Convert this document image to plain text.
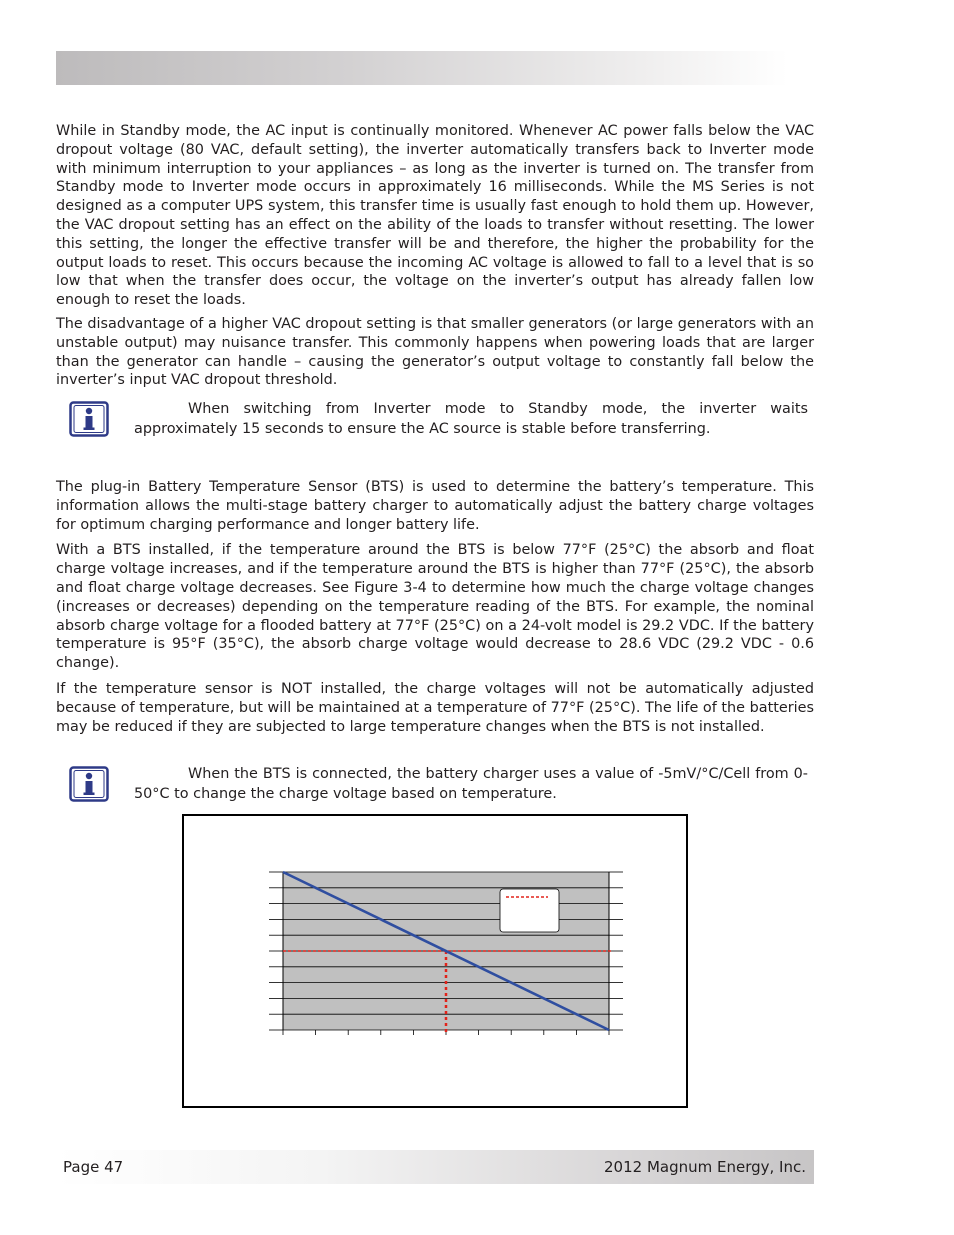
While in Standby mode, the AC input is continually monitored. Whenever AC power falls below the VAC dropout voltage (80 VAC, default setting), the inverter automatically transfers back to Inverter mode with minimum interruption to your appliances – as long as the inverter is turned on. The transfer from Standby mode to Inverter mode occurs in approximately 16 milliseconds. While the MS Series is not designed as a computer UPS system, this transfer time is usually fast enough to hold them up. However, the VAC dropout setting has an effect on the ability of the loads to transfer without resetting. The lower this setting, the longer the effective transfer will be and therefore, the higher the probability for the output loads to reset. This occurs because the incoming AC voltage is allowed to fall to a level that is so low that when the transfer does occur, the voltage on the inverter’s output has already fallen low enough to reset the loads.

The disadvantage of a higher VAC dropout setting is that smaller generators (or large generators with an unstable output) may nuisance transfer. This commonly happens when powering loads that are larger than the generator can handle – causing the generator’s output voltage to constantly fall below the inverter’s input VAC dropout threshold.

When switching from Inverter mode to Standby mode, the inverter waits approximately 15 seconds to ensure the AC source is stable before transferring.

The plug-in Battery Temperature Sensor (BTS) is used to determine the battery’s temperature. This information allows the multi-stage battery charger to automatically adjust the battery charge voltages for optimum charging performance and longer battery life.

With a BTS installed, if the temperature around the BTS is below 77°F (25°C) the absorb and float charge voltage increases, and if the temperature around the BTS is higher than 77°F (25°C), the absorb and float charge voltage decreases. See Figure 3-4 to determine how much the charge voltage changes (increases or decreases) depending on the temperature reading of the BTS. For example, the nominal absorb charge voltage for a flooded battery at 77°F (25°C) on a 24-volt model is 29.2 VDC. If the battery temperature is 95°F (35°C), the absorb charge voltage would decrease to 28.6 VDC (29.2 VDC - 0.6 change).

If the temperature sensor is NOT installed, the charge voltages will not be automatically adjusted because of temperature, but will be maintained at a temperature of 77°F (25°C). The life of the batteries may be reduced if they are subjected to large temperature changes when the BTS is not installed.

When the BTS is connected, the battery charger uses a value of -5mV/°C/Cell from 0-50°C to change the charge voltage based on temperature.
Page 47	2012 Magnum Energy, Inc.
